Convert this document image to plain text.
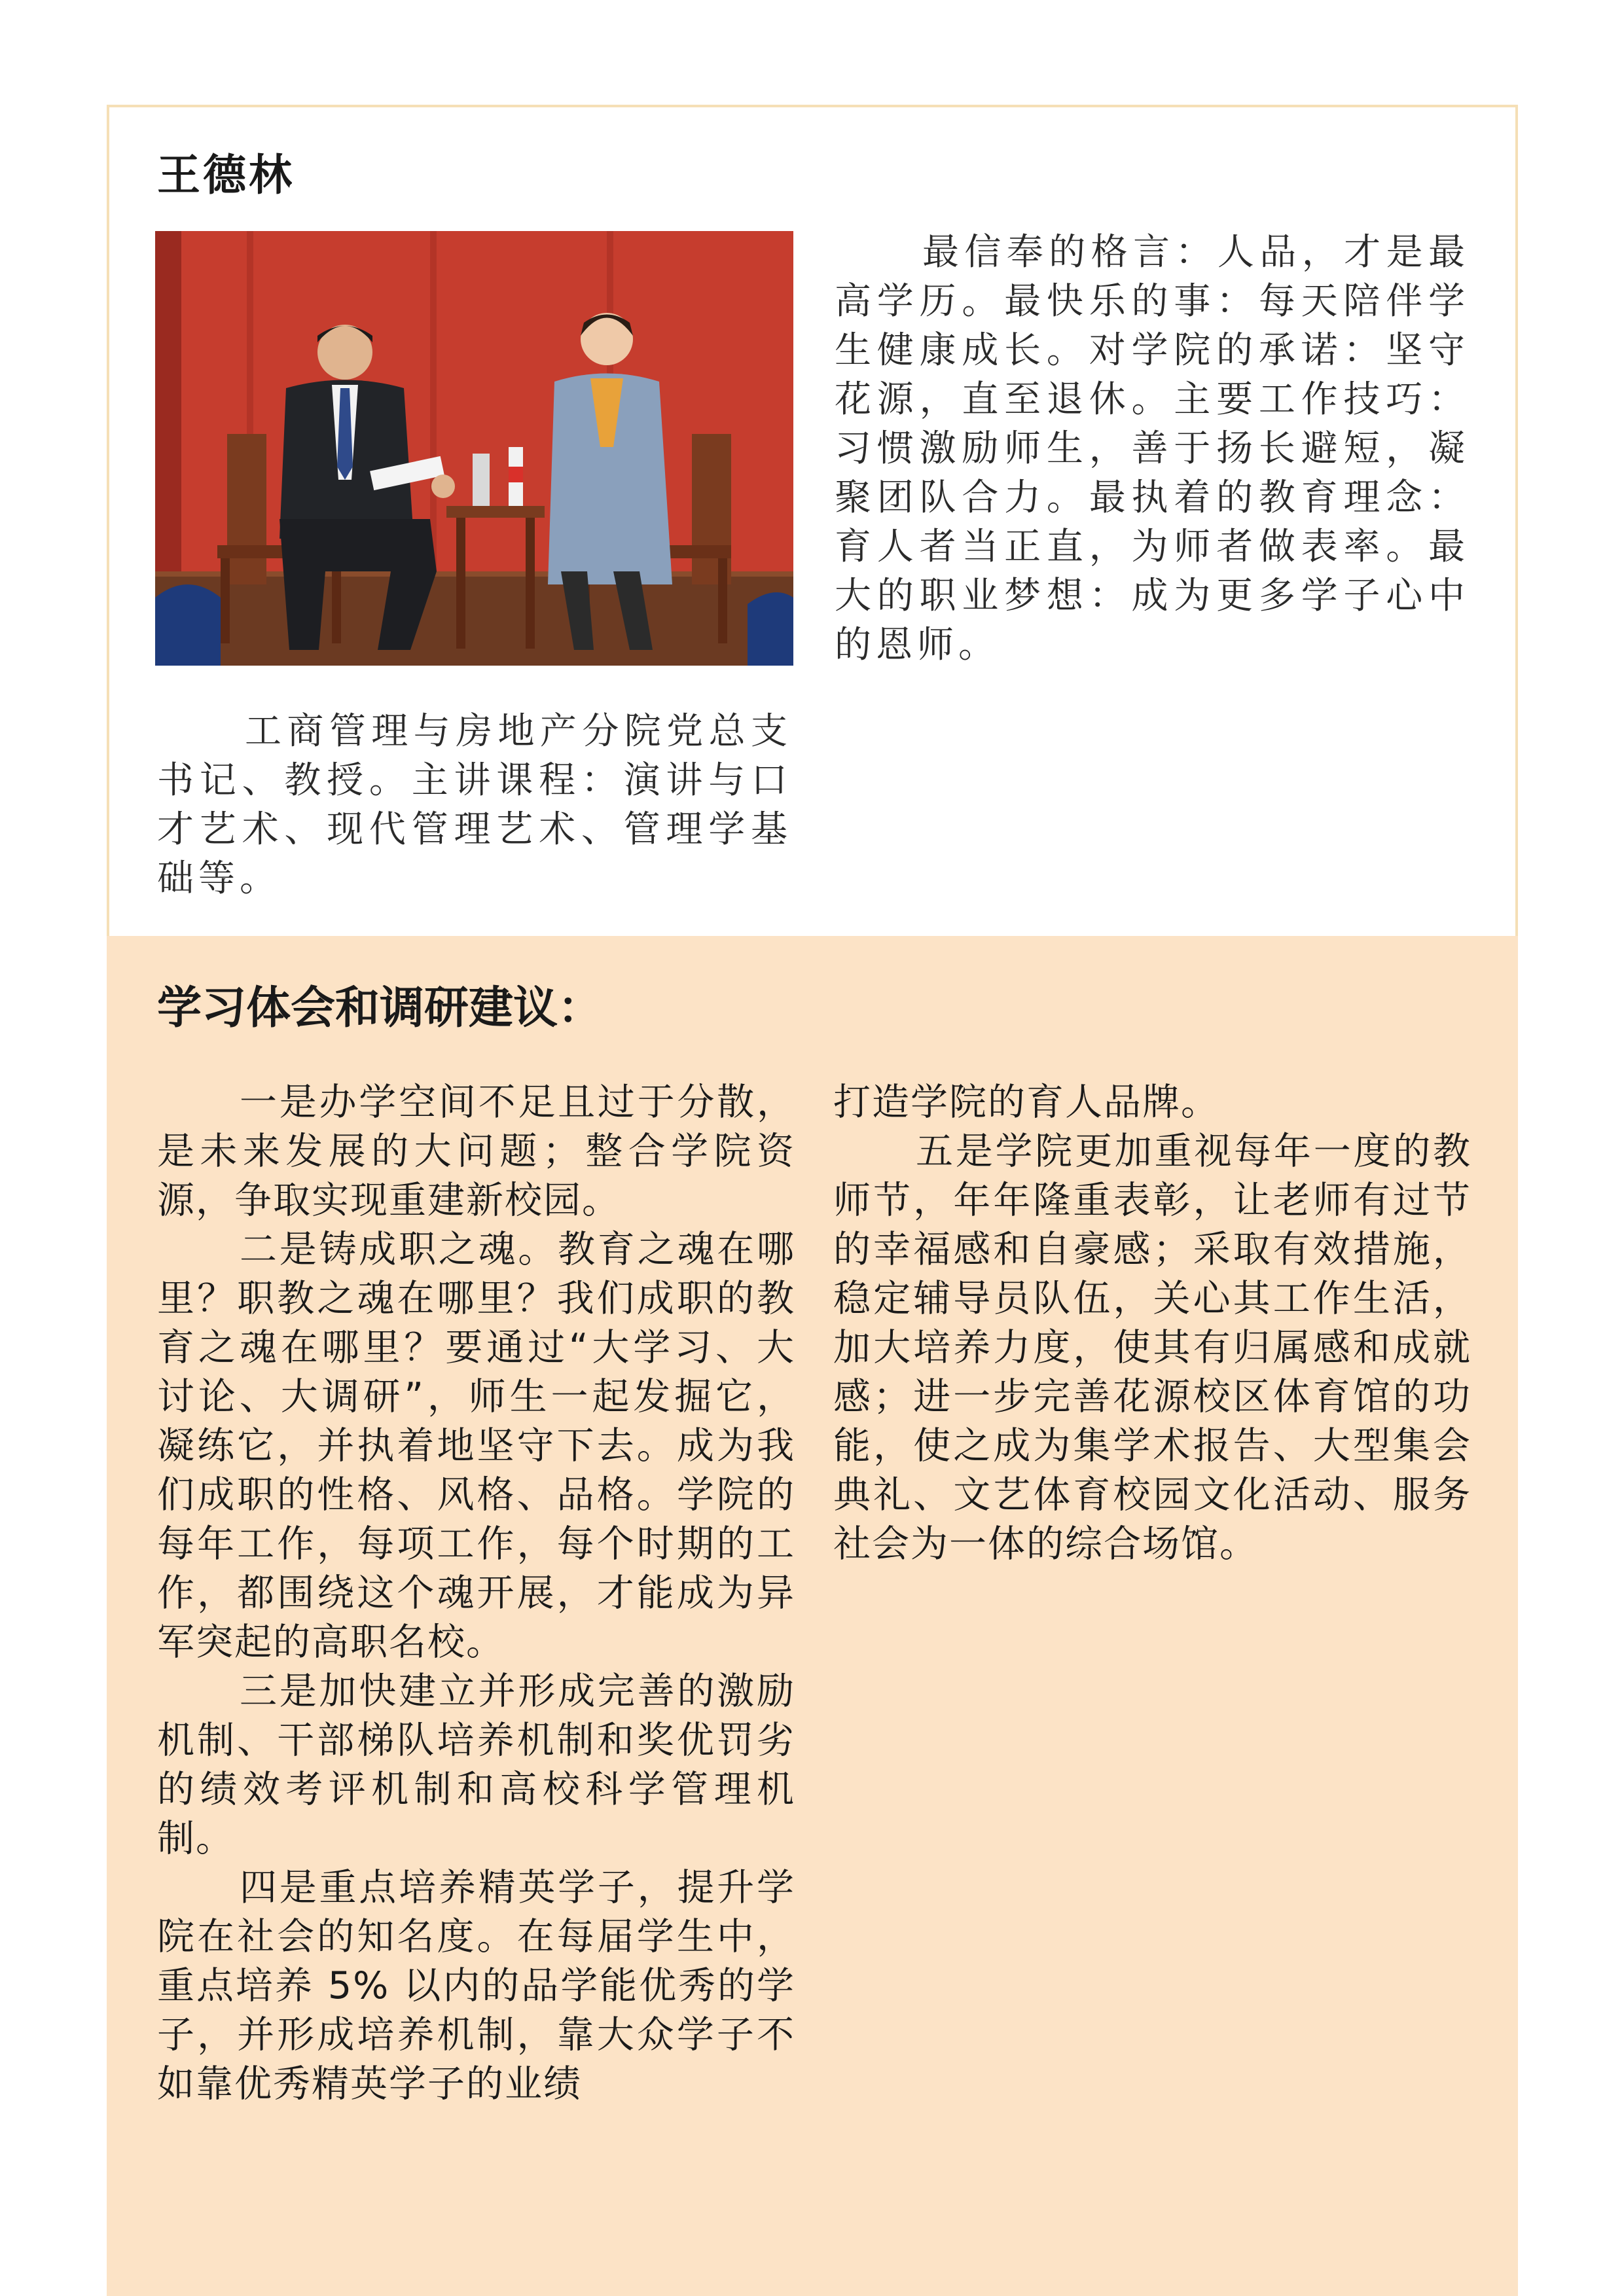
王德林

最信奉的格言：人品，才是最高学历。最快乐的事：每天陪伴学生健康成长。对学院的承诺：坚守花源，直至退休。主要工作技巧：习惯激励师生，善于扬长避短，凝聚团队合力。最执着的教育理念：育人者当正直，为师者做表率。最大的职业梦想：成为更多学子心中的恩师。

工商管理与房地产分院党总支书记、教授。主讲课程：演讲与口才艺术、现代管理艺术、管理学基础等。

学习体会和调研建议：

一是办学空间不足且过于分散，是未来发展的大问题；整合学院资源，争取实现重建新校园。

二是铸成职之魂。教育之魂在哪里？职教之魂在哪里？我们成职的教育之魂在哪里？要通过“大学习、大讨论、大调研”，师生一起发掘它，凝练它，并执着地坚守下去。成为我们成职的性格、风格、品格。学院的每年工作，每项工作，每个时期的工作，都围绕这个魂开展，才能成为异军突起的高职名校。

三是加快建立并形成完善的激励机制、干部梯队培养机制和奖优罚劣的绩效考评机制和高校科学管理机制。

四是重点培养精英学子，提升学院在社会的知名度。在每届学生中，重点培养 5% 以内的品学能优秀的学子，并形成培养机制，靠大众学子不如靠优秀精英学子的业绩

打造学院的育人品牌。

五是学院更加重视每年一度的教师节，年年隆重表彰，让老师有过节的幸福感和自豪感；采取有效措施，稳定辅导员队伍，关心其工作生活，加大培养力度，使其有归属感和成就感；进一步完善花源校区体育馆的功能，使之成为集学术报告、大型集会典礼、文艺体育校园文化活动、服务社会为一体的综合场馆。
